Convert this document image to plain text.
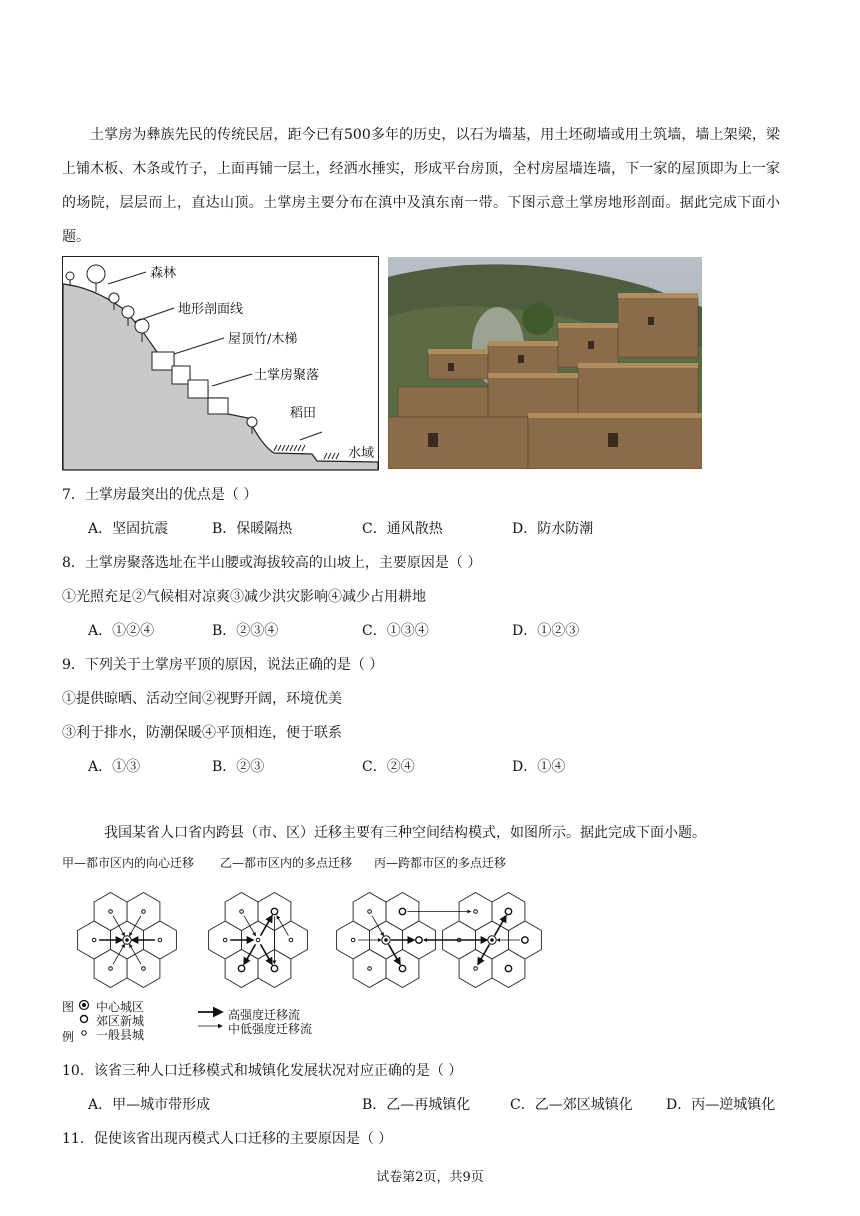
土掌房为彝族先民的传统民居，距今已有500多年的历史，以石为墙基，用土坯砌墙或用土筑墙，墙上架梁，梁上铺木板、木条或竹子，上面再铺一层土，经洒水捶实，形成平台房顶，全村房屋墙连墙，下一家的屋顶即为上一家的场院，层层而上，直达山顶。土掌房主要分布在滇中及滇东南一带。下图示意土掌房地形剖面。据此完成下面小题。
森林
地形剖面线
屋顶竹/木梯
土掌房聚落
稻田
水域
7．土掌房最突出的优点是（ ）
A．坚固抗震	B．保暖隔热	C．通风散热	D．防水防潮
8．土掌房聚落选址在半山腰或海拔较高的山坡上，主要原因是（ ）
①光照充足②气候相对凉爽③减少洪灾影响④减少占用耕地
A．①②④	B．②③④	C．①③④	D．①②③
9．下列关于土掌房平顶的原因，说法正确的是（ ）
①提供晾晒、活动空间②视野开阔，环境优美
③利于排水，防潮保暖④平顶相连，便于联系
A．①③	B．②③	C．②④	D．①④
我国某省人口省内跨县（市、区）迁移主要有三种空间结构模式，如图所示。据此完成下面小题。
甲—都市区内的向心迁移 乙—都市区内的多点迁移 丙—跨都市区的多点迁移
图
例
中心城区
郊区新城
一般县城
高强度迁移流
中低强度迁移流
10．该省三种人口迁移模式和城镇化发展状况对应正确的是（ ）
A．甲—城市带形成	B．乙—再城镇化	C．乙—郊区城镇化 D．丙—逆城镇化
11．促使该省出现丙模式人口迁移的主要原因是（ ）
试卷第2页，共9页
